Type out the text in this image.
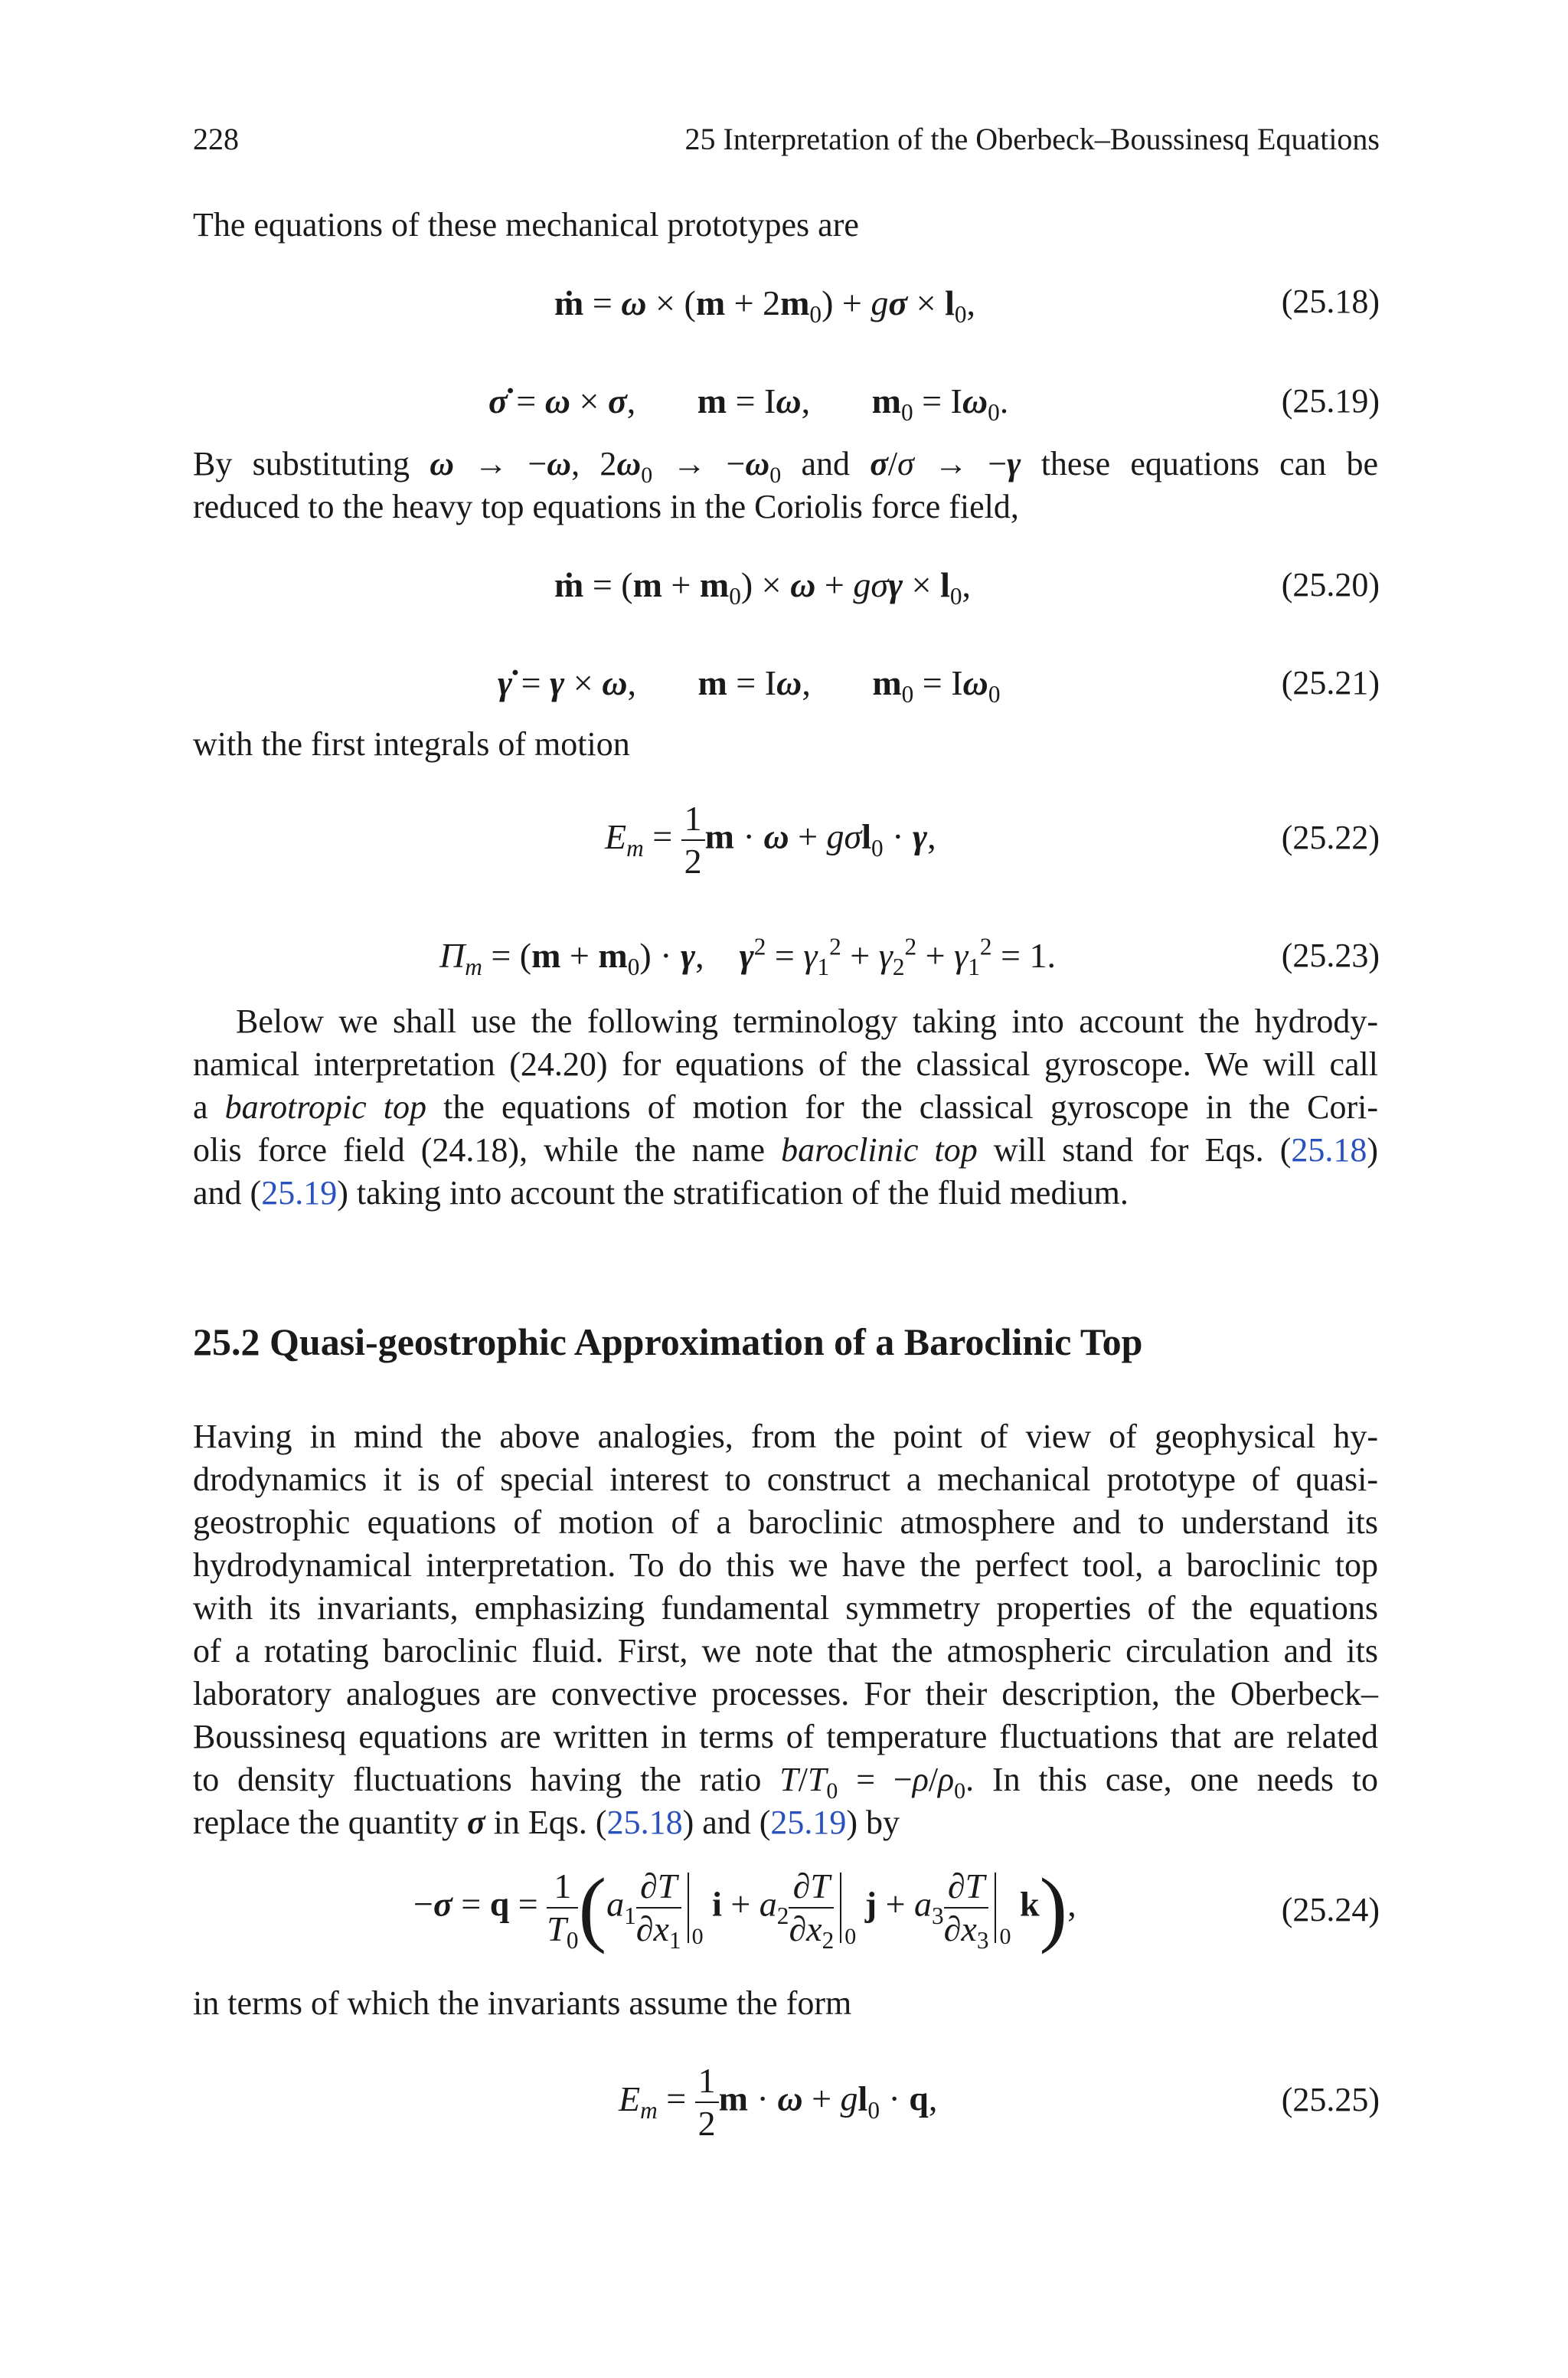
228	25 Interpretation of the Oberbeck–Boussinesq Equations
The equations of these mechanical prototypes are
ṁ = $\omega \times (m + 2m_0) + g\sigma \times l_0$,	(25.18)
σ̇ = ω × σ,       m = Iω,       $m_0 = I\omega_0$.	(25.19)
By substituting ω → −ω, $2\omega_0 \to -\omega_0$ and σ/σ → −γ these equations can be
reduced to the heavy top equations in the Coriolis force field,
ṁ = $(m + m_0) \times \omega + g\sigma\gamma \times l_0$,	(25.20)
γ̇ = γ × ω,       m = Iω,       $m_0 = I\omega_0$	(25.21)
with the first integrals of motion
$E_m = \frac{1}{2}$ m · ω + gσl$_0$ · γ,	(25.22)
$\Pi_m = (m + m_0) \cdot \gamma$,    $\gamma^2 = \gamma_1^2 + \gamma_2^2 + \gamma_1^2 = 1$.	(25.23)
Below we shall use the following terminology taking into account the hydrody-
namical interpretation (24.20) for equations of the classical gyroscope. We will call
a barotropic top the equations of motion for the classical gyroscope in the Cori-
olis force field (24.18), while the name baroclinic top will stand for Eqs. (25.18)
and (25.19) taking into account the stratification of the fluid medium.
25.2 Quasi-geostrophic Approximation of a Baroclinic Top
Having in mind the above analogies, from the point of view of geophysical hy-
drodynamics it is of special interest to construct a mechanical prototype of quasi-
geostrophic equations of motion of a baroclinic atmosphere and to understand its
hydrodynamical interpretation. To do this we have the perfect tool, a baroclinic top
with its invariants, emphasizing fundamental symmetry properties of the equations
of a rotating baroclinic fluid. First, we note that the atmospheric circulation and its
laboratory analogues are convective processes. For their description, the Oberbeck–
Boussinesq equations are written in terms of temperature fluctuations that are related
to density fluctuations having the ratio $T/T_0 = -\rho/\rho_0$. In this case, one needs to
replace the quantity σ in Eqs. (25.18) and (25.19) by
$-\sigma = q = \frac{1}{T_0} (a_1 \frac{\partial T}{\partial x_1} _0$ $i + a_2 \frac{\partial T}{\partial x_2} _0$ $j + a_3 \frac{\partial T}{\partial x_3} _0$ k),	(25.24)
in terms of which the invariants assume the form
$E_m = \frac{1}{2}$ $m \cdot \omega + gl_0 \cdot q$,	(25.25)
